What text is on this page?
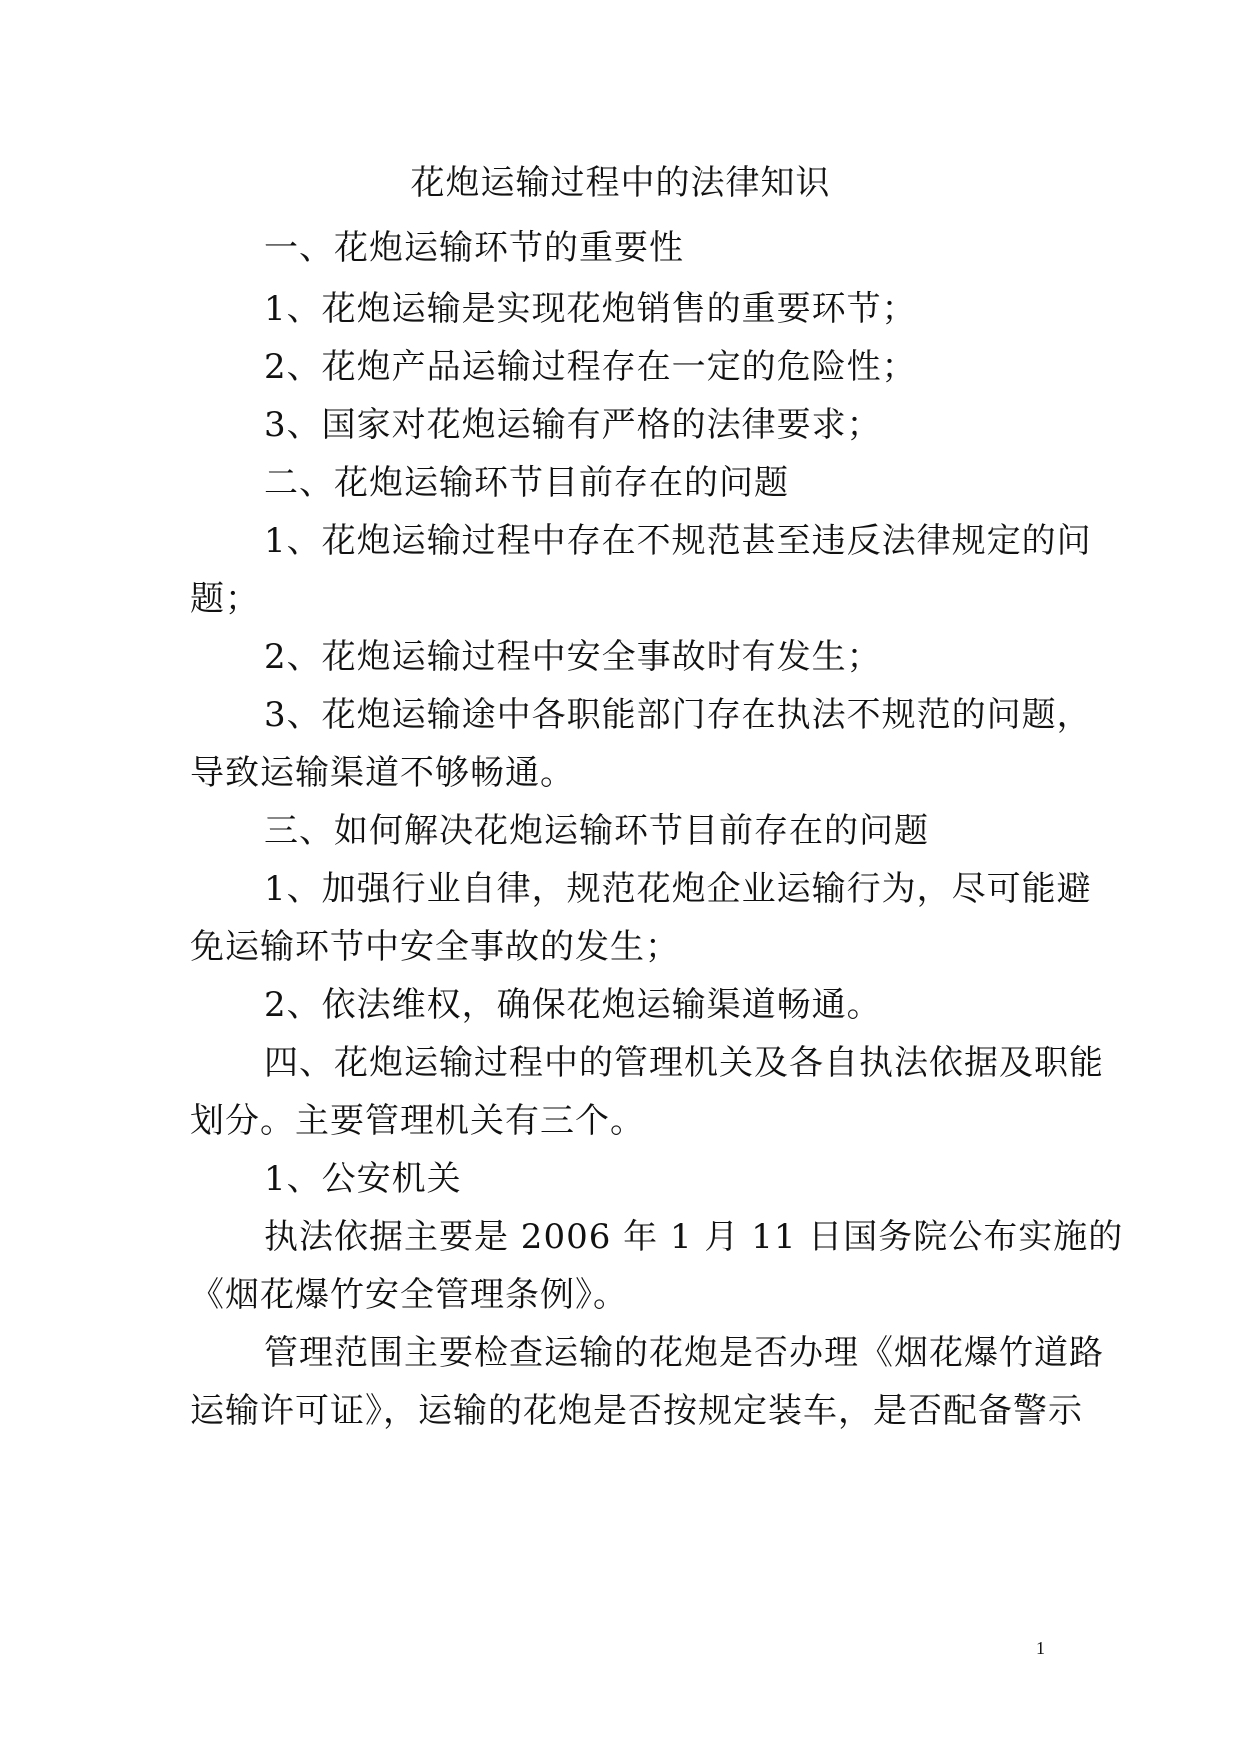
花炮运输过程中的法律知识
一、花炮运输环节的重要性
1、花炮运输是实现花炮销售的重要环节；
2、花炮产品运输过程存在一定的危险性；
3、国家对花炮运输有严格的法律要求；
二、花炮运输环节目前存在的问题
1、花炮运输过程中存在不规范甚至违反法律规定的问
题；
2、花炮运输过程中安全事故时有发生；
3、花炮运输途中各职能部门存在执法不规范的问题，
导致运输渠道不够畅通。
三、如何解决花炮运输环节目前存在的问题
1、加强行业自律，规范花炮企业运输行为，尽可能避
免运输环节中安全事故的发生；
2、依法维权，确保花炮运输渠道畅通。
四、花炮运输过程中的管理机关及各自执法依据及职能
划分。主要管理机关有三个。
1、公安机关
执法依据主要是 2006 年 1 月 11 日国务院公布实施的
《烟花爆竹安全管理条例》。
管理范围主要检查运输的花炮是否办理《烟花爆竹道路
运输许可证》，运输的花炮是否按规定装车，是否配备警示
1
